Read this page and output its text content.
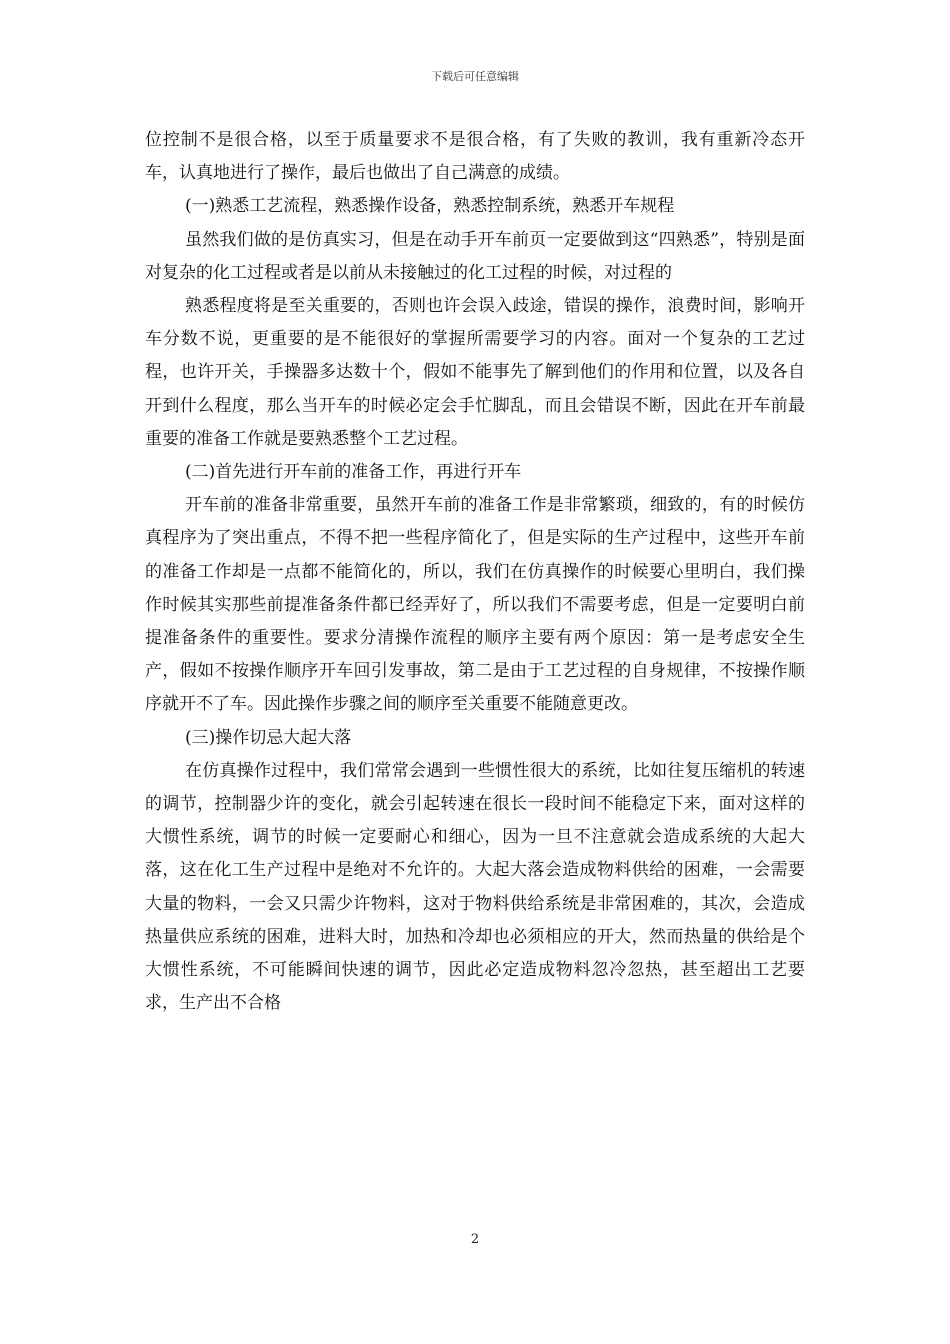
下载后可任意编辑

位控制不是很合格，以至于质量要求不是很合格，有了失败的教训，我有重新冷态开车，认真地进行了操作，最后也做出了自己满意的成绩。

(一)熟悉工艺流程，熟悉操作设备，熟悉控制系统，熟悉开车规程

虽然我们做的是仿真实习，但是在动手开车前页一定要做到这“四熟悉”，特别是面对复杂的化工过程或者是以前从未接触过的化工过程的时候，对过程的

熟悉程度将是至关重要的，否则也许会误入歧途，错误的操作，浪费时间，影响开车分数不说，更重要的是不能很好的掌握所需要学习的内容。面对一个复杂的工艺过程，也许开关，手操器多达数十个，假如不能事先了解到他们的作用和位置，以及各自开到什么程度，那么当开车的时候必定会手忙脚乱，而且会错误不断，因此在开车前最重要的准备工作就是要熟悉整个工艺过程。

(二)首先进行开车前的准备工作，再进行开车

开车前的准备非常重要，虽然开车前的准备工作是非常繁琐，细致的，有的时候仿真程序为了突出重点，不得不把一些程序简化了，但是实际的生产过程中，这些开车前的准备工作却是一点都不能简化的，所以，我们在仿真操作的时候要心里明白，我们操作时候其实那些前提准备条件都已经弄好了，所以我们不需要考虑，但是一定要明白前提准备条件的重要性。要求分清操作流程的顺序主要有两个原因：第一是考虑安全生产，假如不按操作顺序开车回引发事故，第二是由于工艺过程的自身规律，不按操作顺序就开不了车。因此操作步骤之间的顺序至关重要不能随意更改。

(三)操作切忌大起大落

在仿真操作过程中，我们常常会遇到一些惯性很大的系统，比如往复压缩机的转速的调节，控制器少许的变化，就会引起转速在很长一段时间不能稳定下来，面对这样的大惯性系统，调节的时候一定要耐心和细心，因为一旦不注意就会造成系统的大起大落，这在化工生产过程中是绝对不允许的。大起大落会造成物料供给的困难，一会需要大量的物料，一会又只需少许物料，这对于物料供给系统是非常困难的，其次，会造成热量供应系统的困难，进料大时，加热和冷却也必须相应的开大，然而热量的供给是个大惯性系统，不可能瞬间快速的调节，因此必定造成物料忽冷忽热，甚至超出工艺要求，生产出不合格

2
